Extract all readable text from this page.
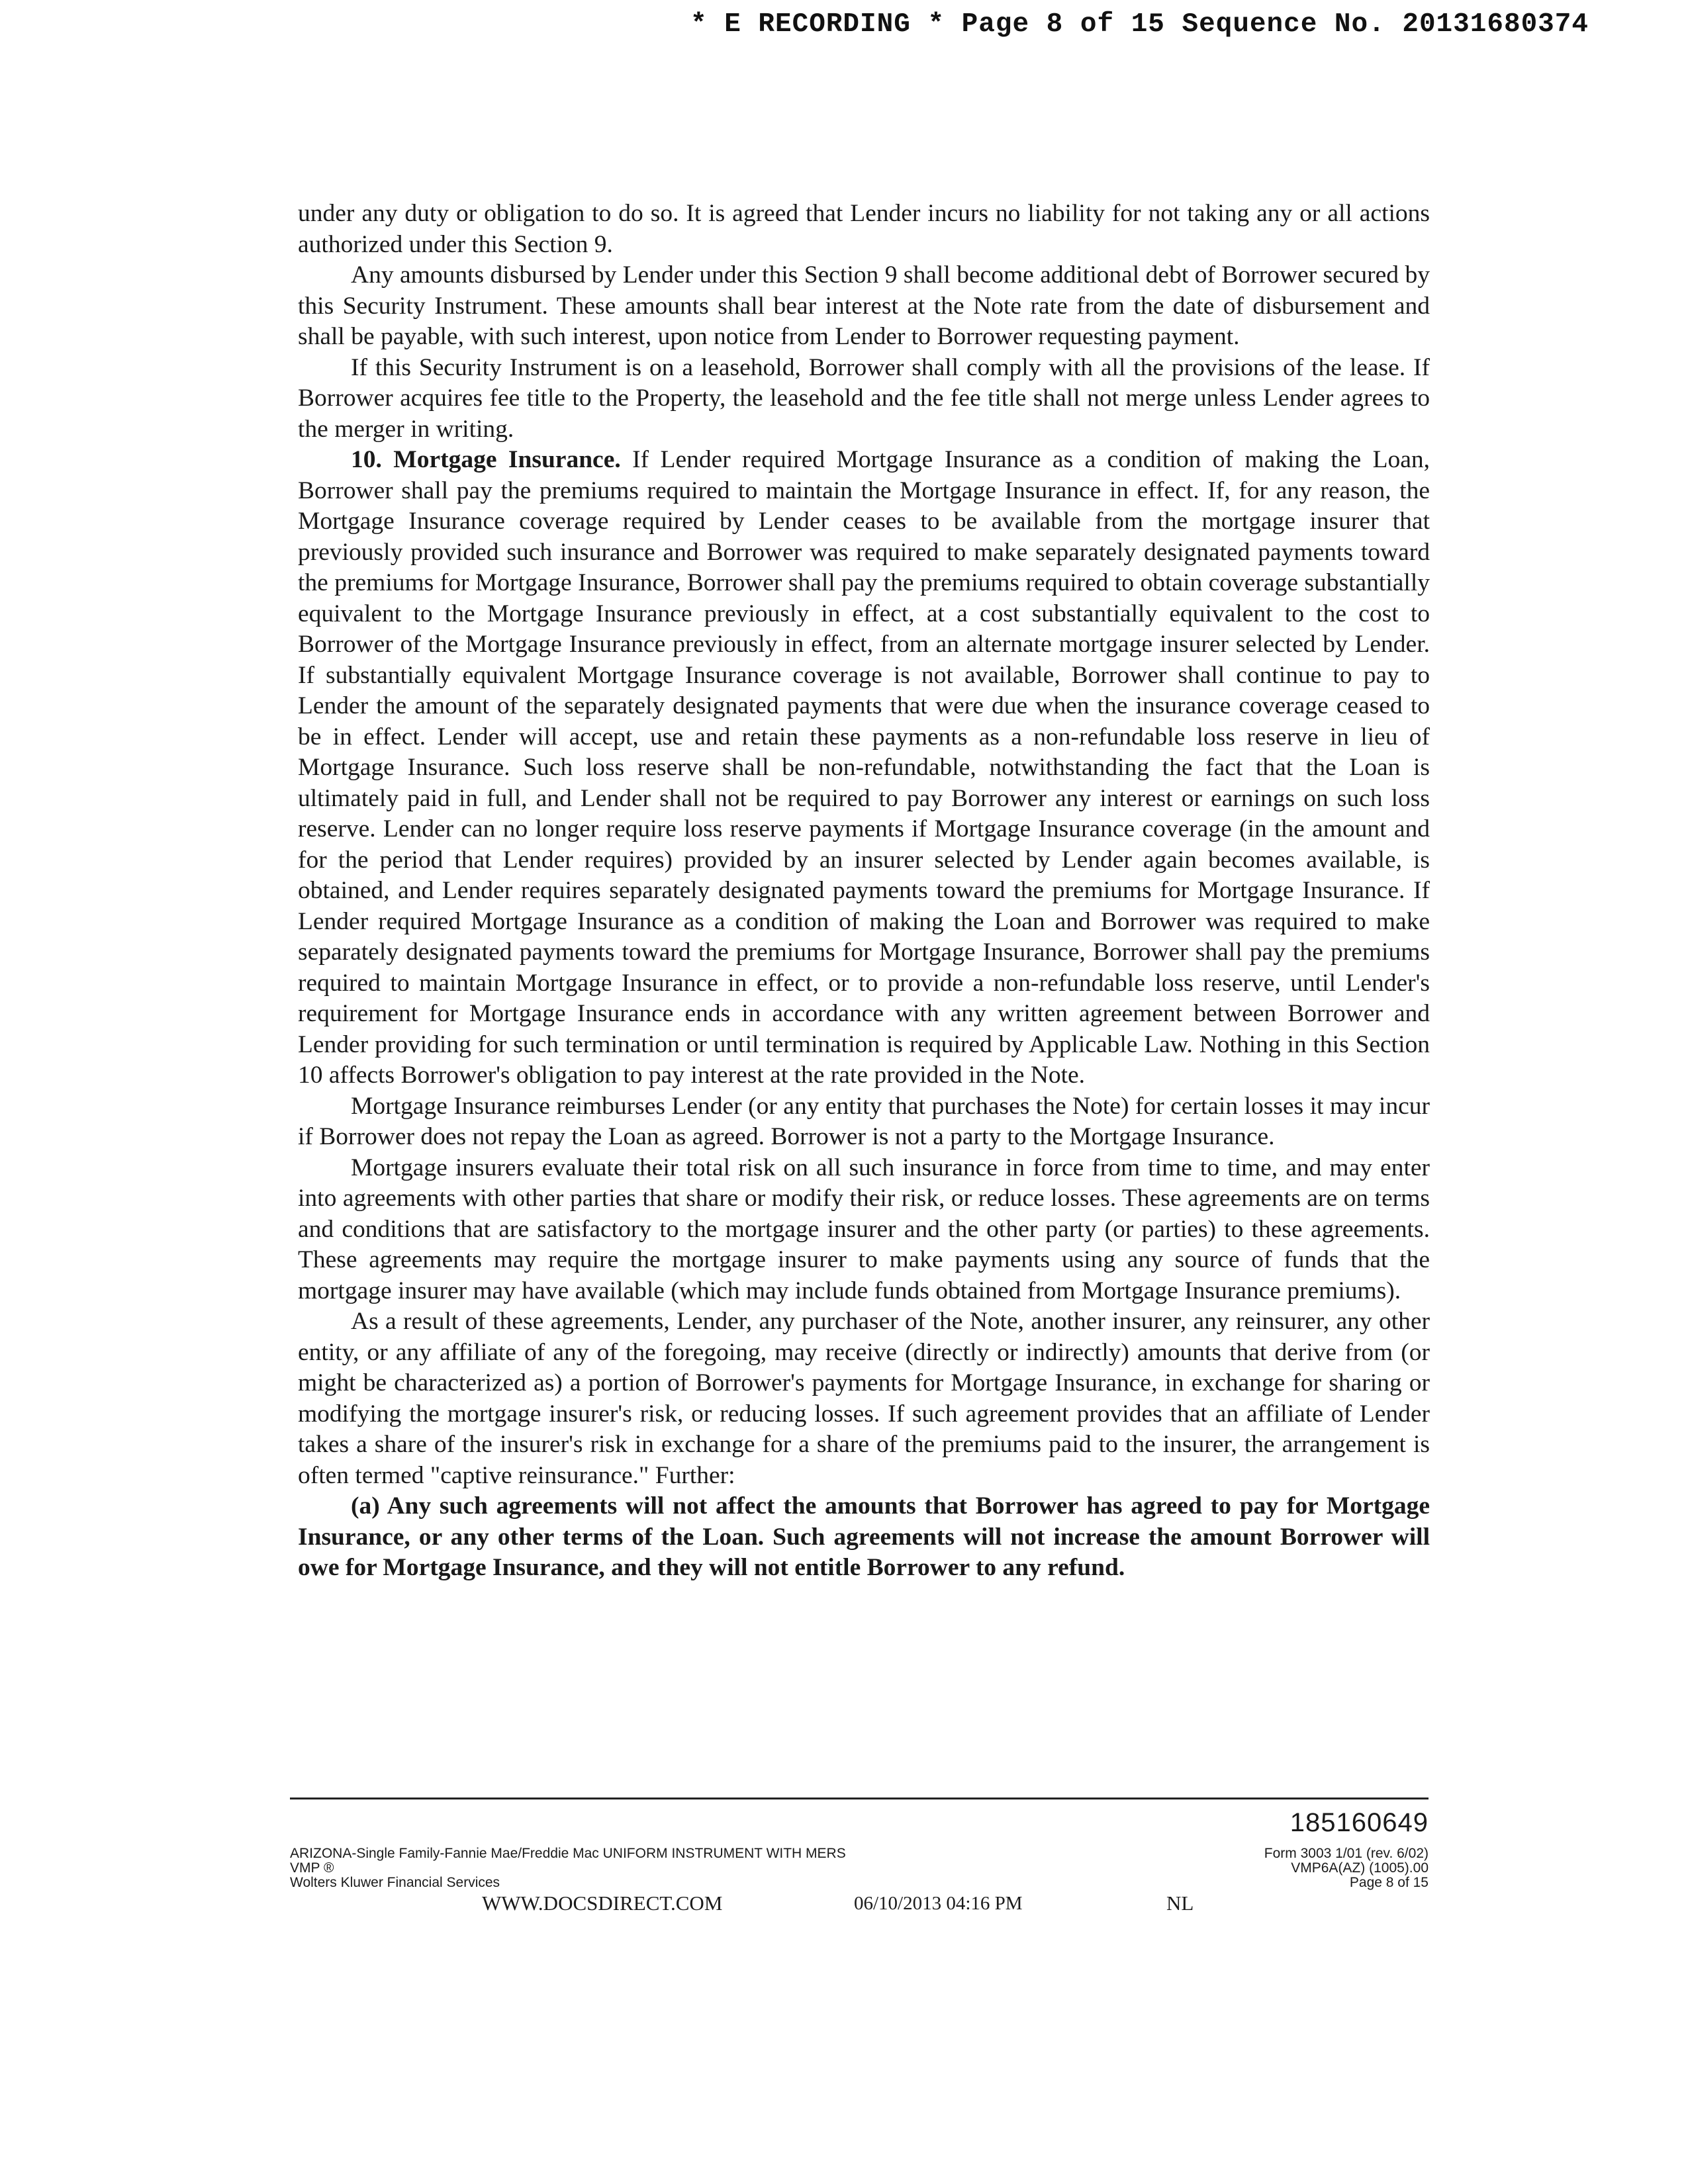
* E RECORDING * Page 8 of 15 Sequence No. 20131680374

under any duty or obligation to do so. It is agreed that Lender incurs no liability for not taking any or all actions authorized under this Section 9.

Any amounts disbursed by Lender under this Section 9 shall become additional debt of Borrower secured by this Security Instrument. These amounts shall bear interest at the Note rate from the date of disbursement and shall be payable, with such interest, upon notice from Lender to Borrower requesting payment.

If this Security Instrument is on a leasehold, Borrower shall comply with all the provisions of the lease. If Borrower acquires fee title to the Property, the leasehold and the fee title shall not merge unless Lender agrees to the merger in writing.

10. Mortgage Insurance. If Lender required Mortgage Insurance as a condition of making the Loan, Borrower shall pay the premiums required to maintain the Mortgage Insurance in effect. If, for any reason, the Mortgage Insurance coverage required by Lender ceases to be available from the mortgage insurer that previously provided such insurance and Borrower was required to make separately designated payments toward the premiums for Mortgage Insurance, Borrower shall pay the premiums required to obtain coverage substantially equivalent to the Mortgage Insurance previously in effect, at a cost substantially equivalent to the cost to Borrower of the Mortgage Insurance previously in effect, from an alternate mortgage insurer selected by Lender. If substantially equivalent Mortgage Insurance coverage is not available, Borrower shall continue to pay to Lender the amount of the separately designated payments that were due when the insurance coverage ceased to be in effect. Lender will accept, use and retain these payments as a non-refundable loss reserve in lieu of Mortgage Insurance. Such loss reserve shall be non-refundable, notwithstanding the fact that the Loan is ultimately paid in full, and Lender shall not be required to pay Borrower any interest or earnings on such loss reserve. Lender can no longer require loss reserve payments if Mortgage Insurance coverage (in the amount and for the period that Lender requires) provided by an insurer selected by Lender again becomes available, is obtained, and Lender requires separately designated payments toward the premiums for Mortgage Insurance. If Lender required Mortgage Insurance as a condition of making the Loan and Borrower was required to make separately designated payments toward the premiums for Mortgage Insurance, Borrower shall pay the premiums required to maintain Mortgage Insurance in effect, or to provide a non-refundable loss reserve, until Lender's requirement for Mortgage Insurance ends in accordance with any written agreement between Borrower and Lender providing for such termination or until termination is required by Applicable Law. Nothing in this Section 10 affects Borrower's obligation to pay interest at the rate provided in the Note.

Mortgage Insurance reimburses Lender (or any entity that purchases the Note) for certain losses it may incur if Borrower does not repay the Loan as agreed. Borrower is not a party to the Mortgage Insurance.

Mortgage insurers evaluate their total risk on all such insurance in force from time to time, and may enter into agreements with other parties that share or modify their risk, or reduce losses. These agreements are on terms and conditions that are satisfactory to the mortgage insurer and the other party (or parties) to these agreements. These agreements may require the mortgage insurer to make payments using any source of funds that the mortgage insurer may have available (which may include funds obtained from Mortgage Insurance premiums).

As a result of these agreements, Lender, any purchaser of the Note, another insurer, any reinsurer, any other entity, or any affiliate of any of the foregoing, may receive (directly or indirectly) amounts that derive from (or might be characterized as) a portion of Borrower's payments for Mortgage Insurance, in exchange for sharing or modifying the mortgage insurer's risk, or reducing losses. If such agreement provides that an affiliate of Lender takes a share of the insurer's risk in exchange for a share of the premiums paid to the insurer, the arrangement is often termed "captive reinsurance." Further:

(a) Any such agreements will not affect the amounts that Borrower has agreed to pay for Mortgage Insurance, or any other terms of the Loan. Such agreements will not increase the amount Borrower will owe for Mortgage Insurance, and they will not entitle Borrower to any refund.

185160649
ARIZONA-Single Family-Fannie Mae/Freddie Mac UNIFORM INSTRUMENT WITH MERS
VMP ®
Wolters Kluwer Financial Services
Form 3003 1/01 (rev. 6/02)
VMP6A(AZ) (1005).00
Page 8 of 15
WWW.DOCSDIRECT.COM	06/10/2013 04:16 PM	NL
